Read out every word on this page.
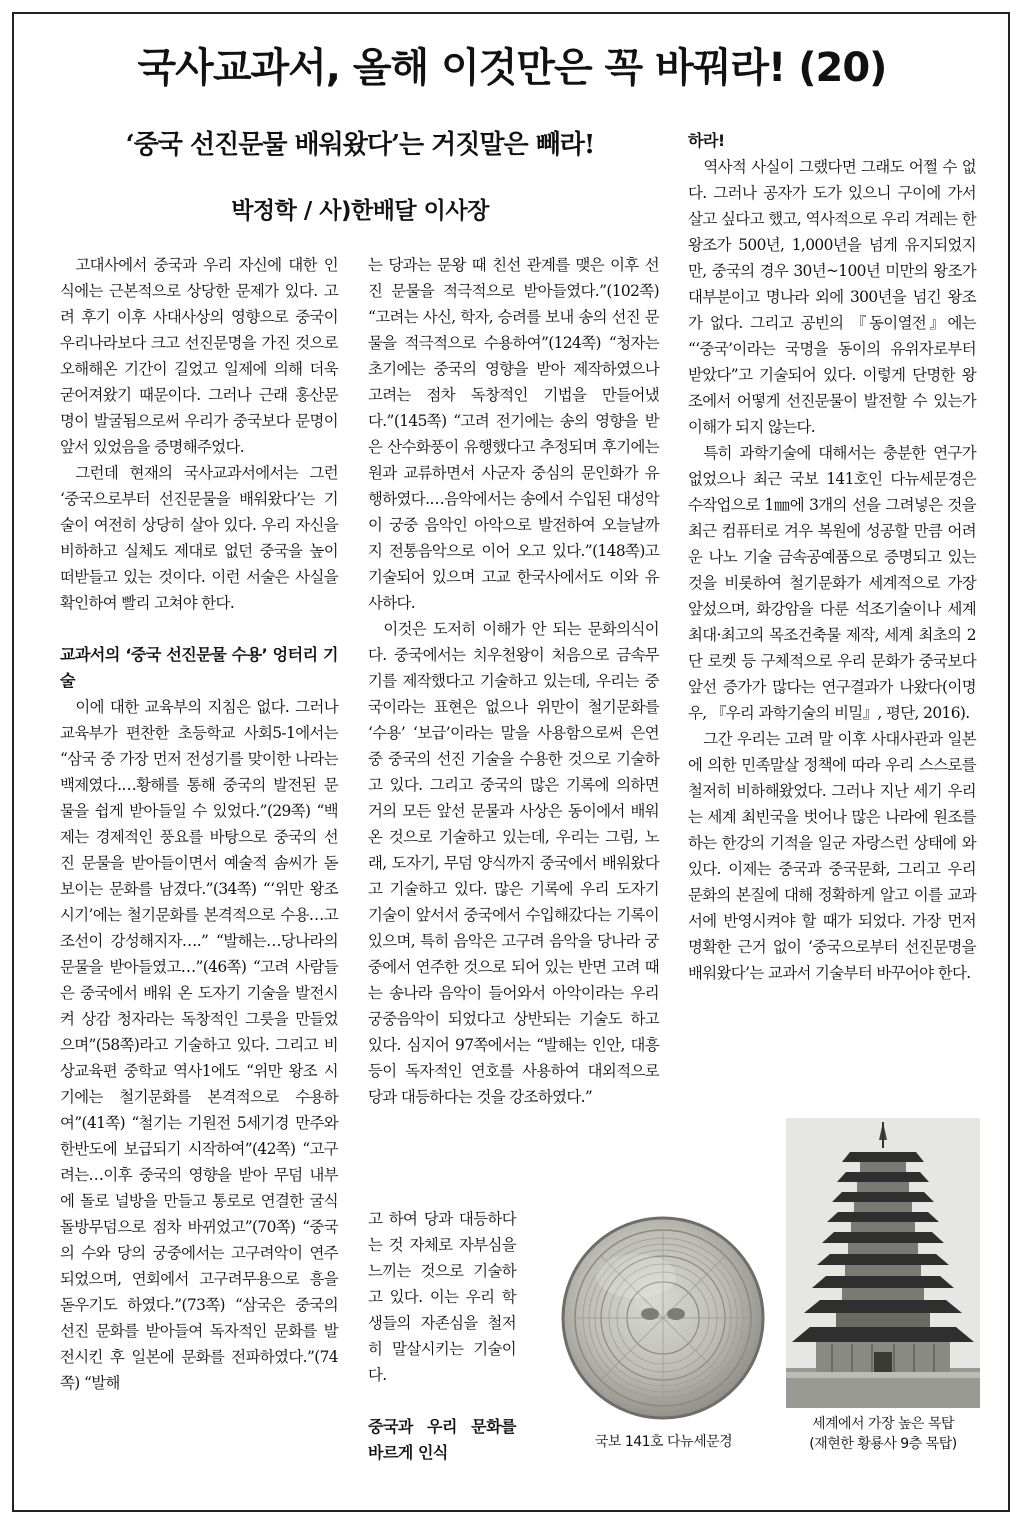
국사교과서, 올해 이것만은 꼭 바꿔라! (20)
‘중국 선진문물 배워왔다’는 거짓말은 빼라!
박정학 / 사)한배달 이사장

고대사에서 중국과 우리 자신에 대한 인식에는 근본적으로 상당한 문제가 있다. 고려 후기 이후 사대사상의 영향으로 중국이 우리나라보다 크고 선진문명을 가진 것으로 오해해온 기간이 길었고 일제에 의해 더욱 굳어져왔기 때문이다. 그러나 근래 홍산문명이 발굴됨으로써 우리가 중국보다 문명이 앞서 있었음을 증명해주었다.

그런데 현재의 국사교과서에서는 그런 ‘중국으로부터 선진문물을 배워왔다’는 기술이 여전히 상당히 살아 있다. 우리 자신을 비하하고 실체도 제대로 없던 중국을 높이 떠받들고 있는 것이다. 이런 서술은 사실을 확인하여 빨리 고쳐야 한다.

교과서의 ‘중국 선진문물 수용’ 엉터리 기술

이에 대한 교육부의 지침은 없다. 그러나 교육부가 편찬한 초등학교 사회5-1에서는 “삼국 중 가장 먼저 전성기를 맞이한 나라는 백제였다.…황해를 통해 중국의 발전된 문물을 쉽게 받아들일 수 있었다.”(29쪽) “백제는 경제적인 풍요를 바탕으로 중국의 선진 문물을 받아들이면서 예술적 솜씨가 돋보이는 문화를 남겼다.”(34쪽) “‘위만 왕조 시기’에는 철기문화를 본격적으로 수용…고조선이 강성해지자….” “발해는…당나라의 문물을 받아들였고…”(46쪽) “고려 사람들은 중국에서 배워 온 도자기 기술을 발전시켜 상감 청자라는 독창적인 그릇을 만들었으며”(58쪽)라고 기술하고 있다. 그리고 비상교육편 중학교 역사1에도 “위만 왕조 시기에는 철기문화를 본격적으로 수용하여”(41쪽) “철기는 기원전 5세기경 만주와 한반도에 보급되기 시작하여”(42쪽) “고구려는…이후 중국의 영향을 받아 무덤 내부에 돌로 널방을 만들고 통로로 연결한 굴식 돌방무덤으로 점차 바뀌었고”(70쪽) “중국의 수와 당의 궁중에서는 고구려악이 연주되었으며, 연회에서 고구려무용으로 흥을 돋우기도 하였다.”(73쪽) “삼국은 중국의 선진 문화를 받아들여 독자적인 문화를 발전시킨 후 일본에 문화를 전파하였다.”(74쪽) “발해

는 당과는 문왕 때 친선 관계를 맺은 이후 선진 문물을 적극적으로 받아들였다.”(102쪽) “고려는 사신, 학자, 승려를 보내 송의 선진 문물을 적극적으로 수용하여”(124쪽) “청자는 초기에는 중국의 영향을 받아 제작하였으나 고려는 점차 독창적인 기법을 만들어냈다.”(145쪽) “고려 전기에는 송의 영향을 받은 산수화풍이 유행했다고 추정되며 후기에는 원과 교류하면서 사군자 중심의 문인화가 유행하였다.…음악에서는 송에서 수입된 대성악이 궁중 음악인 아악으로 발전하여 오늘날까지 전통음악으로 이어 오고 있다.”(148쪽)고 기술되어 있으며 고교 한국사에서도 이와 유사하다.

이것은 도저히 이해가 안 되는 문화의식이다. 중국에서는 치우천왕이 처음으로 금속무기를 제작했다고 기술하고 있는데, 우리는 중국이라는 표현은 없으나 위만이 철기문화를 ‘수용’ ‘보급’이라는 말을 사용함으로써 은연중 중국의 선진 기술을 수용한 것으로 기술하고 있다. 그리고 중국의 많은 기록에 의하면 거의 모든 앞선 문물과 사상은 동이에서 배워온 것으로 기술하고 있는데, 우리는 그림, 노래, 도자기, 무덤 양식까지 중국에서 배워왔다고 기술하고 있다. 많은 기록에 우리 도자기 기술이 앞서서 중국에서 수입해갔다는 기록이 있으며, 특히 음악은 고구려 음악을 당나라 궁중에서 연주한 것으로 되어 있는 반면 고려 때는 송나라 음악이 들어와서 아악이라는 우리 궁중음악이 되었다고 상반되는 기술도 하고 있다. 심지어 97쪽에서는 “발해는 인안, 대흥 등이 독자적인 연호를 사용하여 대외적으로 당과 대등하다는 것을 강조하였다.”

고 하여 당과 대등하다는 것 자체로 자부심을 느끼는 것으로 기술하고 있다. 이는 우리 학생들의 자존심을 철저히 말살시키는 기술이다.

중국과 우리 문화를 바르게 인식
하라!

역사적 사실이 그랬다면 그래도 어쩔 수 없다. 그러나 공자가 도가 있으니 구이에 가서 살고 싶다고 했고, 역사적으로 우리 겨레는 한 왕조가 500년, 1,000년을 넘게 유지되었지만, 중국의 경우 30년~100년 미만의 왕조가 대부분이고 명나라 외에 300년을 넘긴 왕조가 없다. 그리고 공빈의 『동이열전』에는 “‘중국’이라는 국명을 동이의 유위자로부터 받았다”고 기술되어 있다. 이렇게 단명한 왕조에서 어떻게 선진문물이 발전할 수 있는가 이해가 되지 않는다.

특히 과학기술에 대해서는 충분한 연구가 없었으나 최근 국보 141호인 다뉴세문경은 수작업으로 1㎜에 3개의 선을 그려넣은 것을 최근 컴퓨터로 겨우 복원에 성공할 만큼 어려운 나노 기술 금속공예품으로 증명되고 있는 것을 비롯하여 철기문화가 세계적으로 가장 앞섰으며, 화강암을 다룬 석조기술이나 세계 최대·최고의 목조건축물 제작, 세계 최초의 2단 로켓 등 구체적으로 우리 문화가 중국보다 앞선 증가가 많다는 연구결과가 나왔다(이명우, 『우리 과학기술의 비밀』, 평단, 2016).

그간 우리는 고려 말 이후 사대사관과 일본에 의한 민족말살 정책에 따라 우리 스스로를 철저히 비하해왔었다. 그러나 지난 세기 우리는 세계 최빈국을 벗어나 많은 나라에 원조를 하는 한강의 기적을 일군 자랑스런 상태에 와 있다. 이제는 중국과 중국문화, 그리고 우리 문화의 본질에 대해 정확하게 알고 이를 교과서에 반영시켜야 할 때가 되었다. 가장 먼저 명확한 근거 없이 ‘중국으로부터 선진문명을 배워왔다’는 교과서 기술부터 바꾸어야 한다.

국보 141호 다뉴세문경
세계에서 가장 높은 목탑
(재현한 황룡사 9층 목탑)
